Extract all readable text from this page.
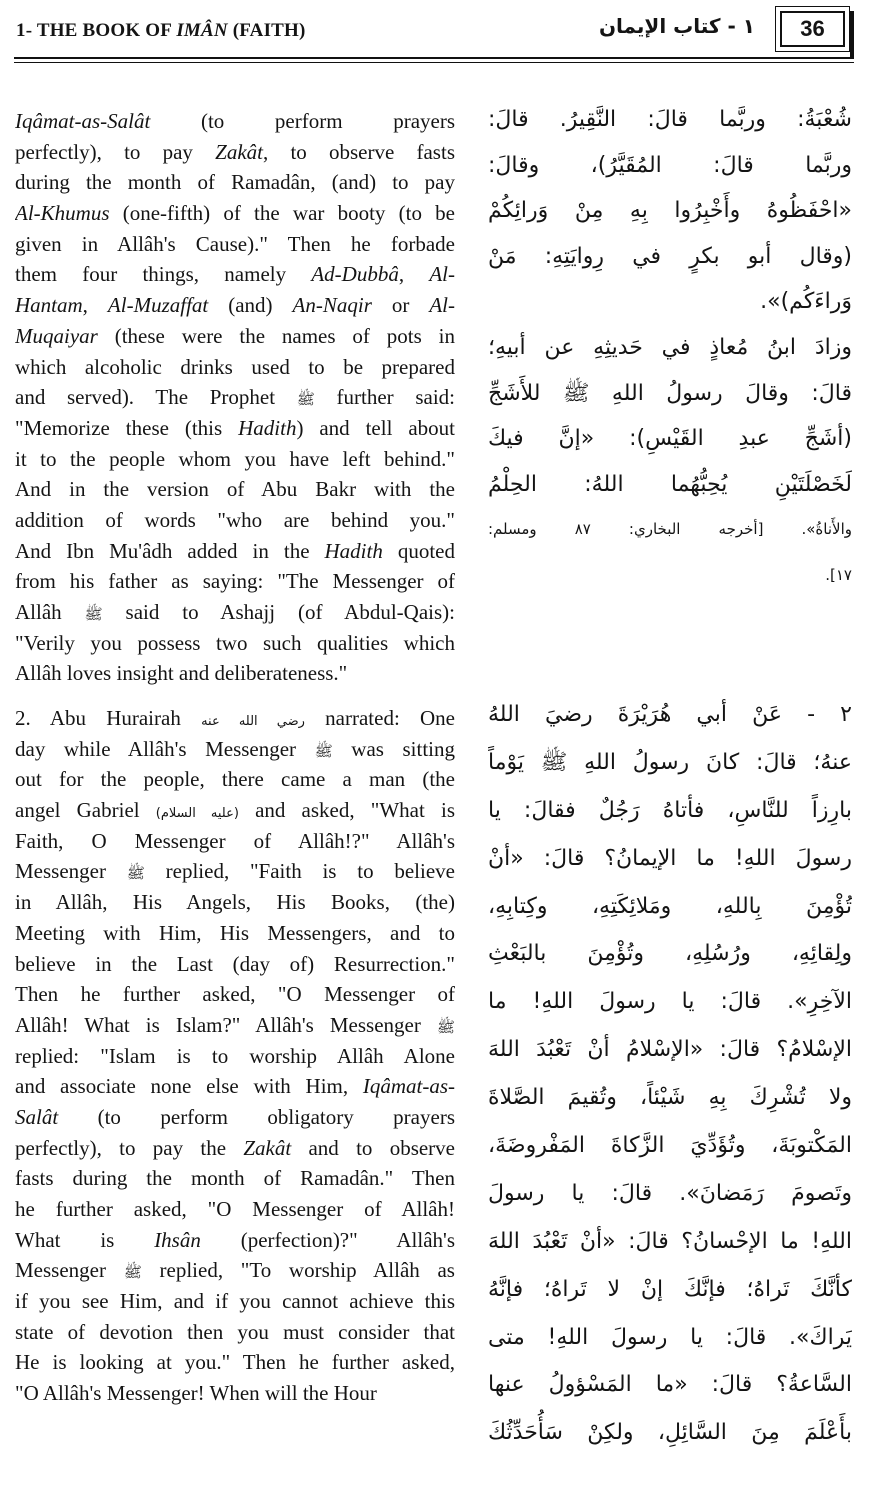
1- THE BOOK OF IMÂN (FAITH)	١ - كتاب الإيمان	36
Iqâmat-as-Salât (to perform prayers
perfectly), to pay Zakât, to observe fasts
during the month of Ramadân, (and) to pay
Al-Khumus (one-fifth) of the war booty (to be
given in Allâh's Cause)." Then he forbade
them four things, namely Ad-Dubbâ, Al-
Hantam, Al-Muzaffat (and) An-Naqir or Al-
Muqaiyar (these were the names of pots in
which alcoholic drinks used to be prepared
and served). The Prophet ﷺ further said:
"Memorize these (this Hadith) and tell about
it to the people whom you have left behind."
And in the version of Abu Bakr with the
addition of words "who are behind you."
And Ibn Mu'âdh added in the Hadith quoted
from his father as saying: "The Messenger of
Allâh ﷺ said to Ashajj (of Abdul-Qais):
"Verily you possess two such qualities which
Allâh loves insight and deliberateness."
2. Abu Hurairah رضي الله عنه narrated: One
day while Allâh's Messenger ﷺ was sitting
out for the people, there came a man (the
angel Gabriel (عليه السلام) and asked, "What is
Faith, O Messenger of Allâh!?" Allâh's
Messenger ﷺ replied, "Faith is to believe
in Allâh, His Angels, His Books, (the)
Meeting with Him, His Messengers, and to
believe in the Last (day of) Resurrection."
Then he further asked, "O Messenger of
Allâh! What is Islam?" Allâh's Messenger ﷺ
replied: "Islam is to worship Allâh Alone
and associate none else with Him, Iqâmat-as-
Salât (to perform obligatory prayers
perfectly), to pay the Zakât and to observe
fasts during the month of Ramadân." Then
he further asked, "O Messenger of Allâh!
What is Ihsân (perfection)?" Allâh's
Messenger ﷺ replied, "To worship Allâh as
if you see Him, and if you cannot achieve this
state of devotion then you must consider that
He is looking at you." Then he further asked,
"O Allâh's Messenger! When will the Hour
شُعْبَةُ: وربَّما قالَ: النَّقِيرُ. قالَ:
وربَّما قالَ: المُقَيَّرُ)، وقالَ:
«احْفَظُوهُ وأَخْبِرُوا بِهِ مِنْ وَرائِكُمْ
(وقال أبو بكرٍ في رِوايَتِهِ: مَنْ
وَراءَكُم)».
وزادَ ابنُ مُعاذٍ في حَديثِهِ عن أبيهِ؛
قالَ: وقالَ رسولُ اللهِ ﷺ للأَشَجِّ
(أشَجِّ عبدِ القَيْسِ): «إنَّ فيكَ
لَخَصْلَتَيْنِ يُحِبُّهُما اللهُ: الحِلْمُ
والأَناةُ». [أخرجه البخاري: ٨٧ ومسلم:
١٧].
٢ - عَنْ أبي هُرَيْرَةَ رضيَ اللهُ
عنهُ؛ قالَ: كانَ رسولُ اللهِ ﷺ يَوْماً
بارِزاً للنَّاسِ، فأتاهُ رَجُلٌ فقالَ: يا
رسولَ اللهِ! ما الإيمانُ؟ قالَ: «أنْ
تُؤْمِنَ بِاللهِ، ومَلائِكَتِهِ، وكِتابِهِ،
ولِقائِهِ، ورُسُلِهِ، وتُؤْمِنَ بالبَعْثِ
الآخِرِ». قالَ: يا رسولَ اللهِ! ما
الإسْلامُ؟ قالَ: «الإسْلامُ أنْ تَعْبُدَ اللهَ
ولا تُشْرِكَ بِهِ شَيْئاً، وتُقيمَ الصَّلاةَ
المَكْتوبَةَ، وتُؤَدِّيَ الزَّكاةَ المَفْروضَةَ،
وتَصومَ رَمَضانَ». قالَ: يا رسولَ
اللهِ! ما الإحْسانُ؟ قالَ: «أنْ تَعْبُدَ اللهَ
كأنَّكَ تَراهُ؛ فإنَّكَ إنْ لا تَراهُ؛ فإنَّهُ
يَراكَ». قالَ: يا رسولَ اللهِ! متى
السَّاعةُ؟ قالَ: «ما المَسْؤولُ عنها
بأَعْلَمَ مِنَ السَّائِلِ، ولكِنْ سَأُحَدِّثُكَ
